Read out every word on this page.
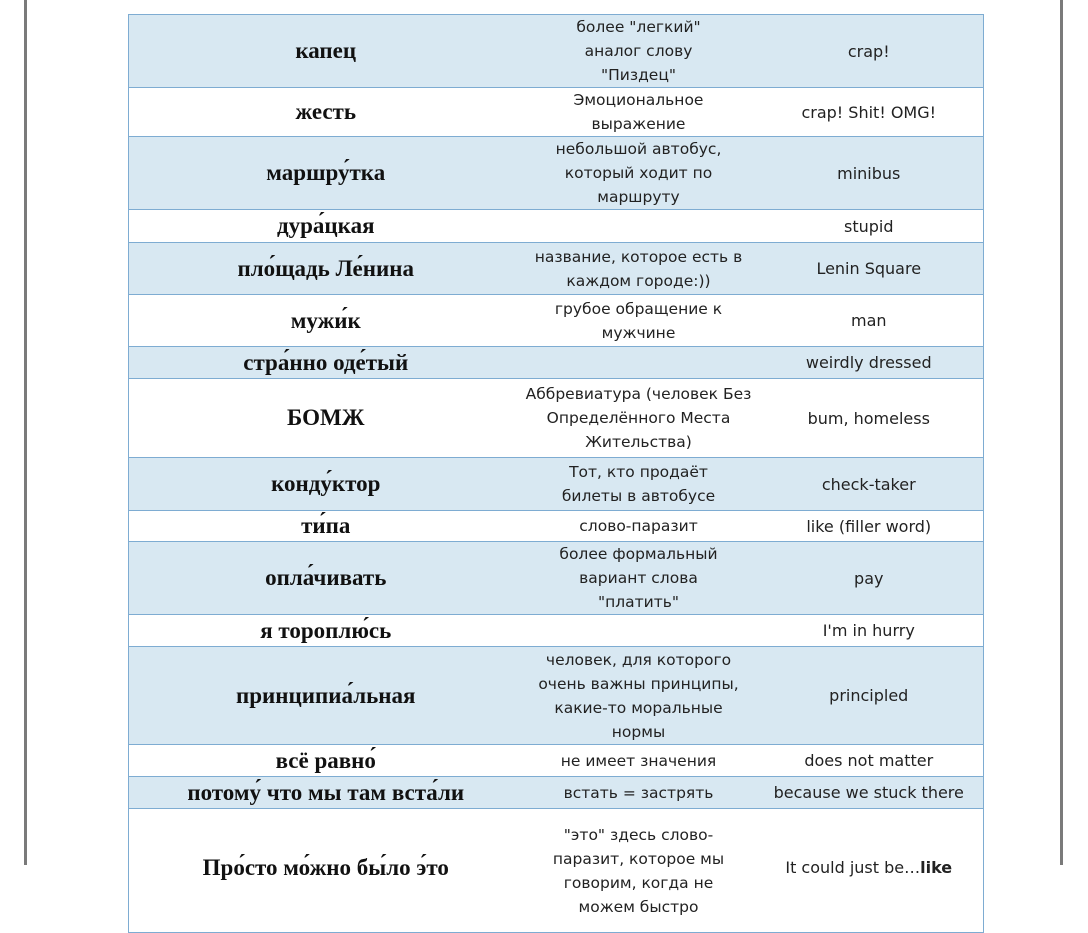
капец	более "легкий" аналог слову "Пиздец"	crap!
жесть	Эмоциональное выражение	crap! Shit! OMG!
маршру́тка	небольшой автобус, который ходит по маршруту	minibus
дура́цкая		stupid
пло́щадь Ле́нина	название, которое есть в каждом городе:))	Lenin Square
мужи́к	грубое обращение к мужчине	man
стра́нно оде́тый		weirdly dressed
БОМЖ	Аббревиатура (человек Без Определённого Места Жительства)	bum, homeless
конду́ктор	Тот, кто продаёт билеты в автобусе	check-taker
ти́па	слово-паразит	like (filler word)
опла́чивать	более формальный вариант слова "платить"	pay
я тороплю́сь		I'm in hurry
принципиа́льная	человек, для которого очень важны принципы, какие-то моральные нормы	principled
всё равно́	не имеет значения	does not matter
потому́ что мы там вста́ли	встать = застрять	because we stuck there
Про́сто мо́жно бы́ло э́то	"это" здесь слово-паразит, которое мы говорим, когда не можем быстро	It could just be…like
